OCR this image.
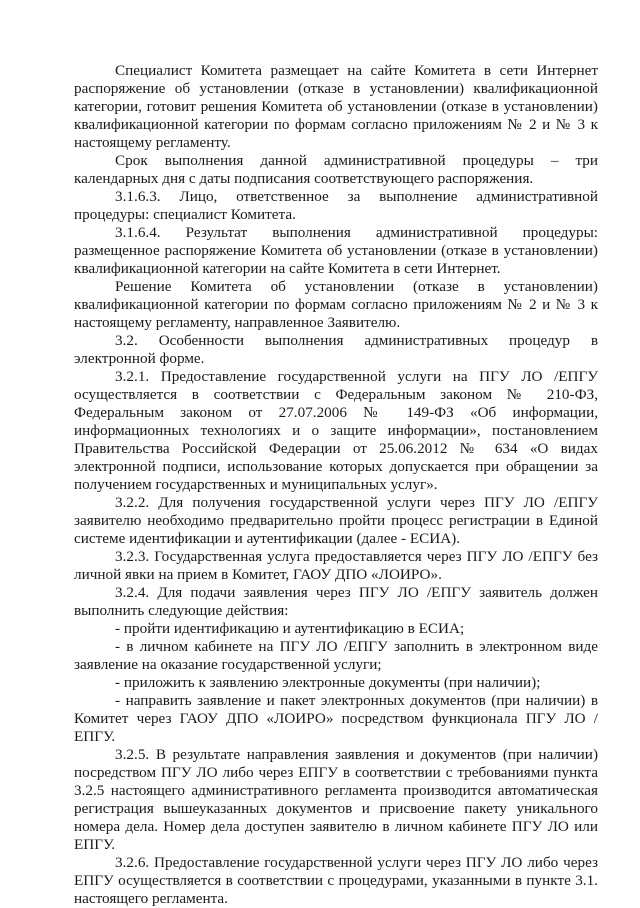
Специалист Комитета размещает на сайте Комитета в сети Интернет распоряжение об установлении (отказе в установлении) квалификационной категории, готовит решения Комитета об установлении (отказе в установлении) квалификационной категории по формам согласно приложениям № 2 и № 3 к настоящему регламенту.

Срок выполнения данной административной процедуры – три календарных дня с даты подписания соответствующего распоряжения.

3.1.6.3. Лицо, ответственное за выполнение административной процедуры: специалист Комитета.

3.1.6.4. Результат выполнения административной процедуры: размещенное распоряжение Комитета об установлении (отказе в установлении) квалификационной категории на сайте Комитета в сети Интернет.

Решение Комитета об установлении (отказе в установлении) квалификационной категории по формам согласно приложениям № 2 и № 3 к настоящему регламенту, направленное Заявителю.

3.2. Особенности выполнения административных процедур в электронной форме.

3.2.1. Предоставление государственной услуги на ПГУ ЛО /ЕПГУ осуществляется в соответствии с Федеральным законом № 210-ФЗ, Федеральным законом от 27.07.2006 № 149-ФЗ «Об информации, информационных технологиях и о защите информации», постановлением Правительства Российской Федерации от 25.06.2012 № 634 «О видах электронной подписи, использование которых допускается при обращении за получением государственных и муниципальных услуг».

3.2.2. Для получения государственной услуги через ПГУ ЛО /ЕПГУ заявителю необходимо предварительно пройти процесс регистрации в Единой системе идентификации и аутентификации (далее - ЕСИА).

3.2.3. Государственная услуга предоставляется через ПГУ ЛО /ЕПГУ без личной явки на прием в Комитет, ГАОУ ДПО «ЛОИРО».

3.2.4. Для подачи заявления через ПГУ ЛО /ЕПГУ заявитель должен выполнить следующие действия:

- пройти идентификацию и аутентификацию в ЕСИА;

- в личном кабинете на ПГУ ЛО /ЕПГУ заполнить в электронном виде заявление на оказание государственной услуги;

- приложить к заявлению электронные документы (при наличии);

- направить заявление и пакет электронных документов (при наличии) в Комитет через ГАОУ ДПО «ЛОИРО» посредством функционала ПГУ ЛО /ЕПГУ.

3.2.5. В результате направления заявления и документов (при наличии) посредством ПГУ ЛО либо через ЕПГУ в соответствии с требованиями пункта 3.2.5 настоящего административного регламента производится автоматическая регистрация вышеуказанных документов и присвоение пакету уникального номера дела. Номер дела доступен заявителю в личном кабинете ПГУ ЛО или ЕПГУ.

3.2.6. Предоставление государственной услуги через ПГУ ЛО либо через ЕПГУ осуществляется в соответствии с процедурами, указанными в пункте 3.1. настоящего регламента.
